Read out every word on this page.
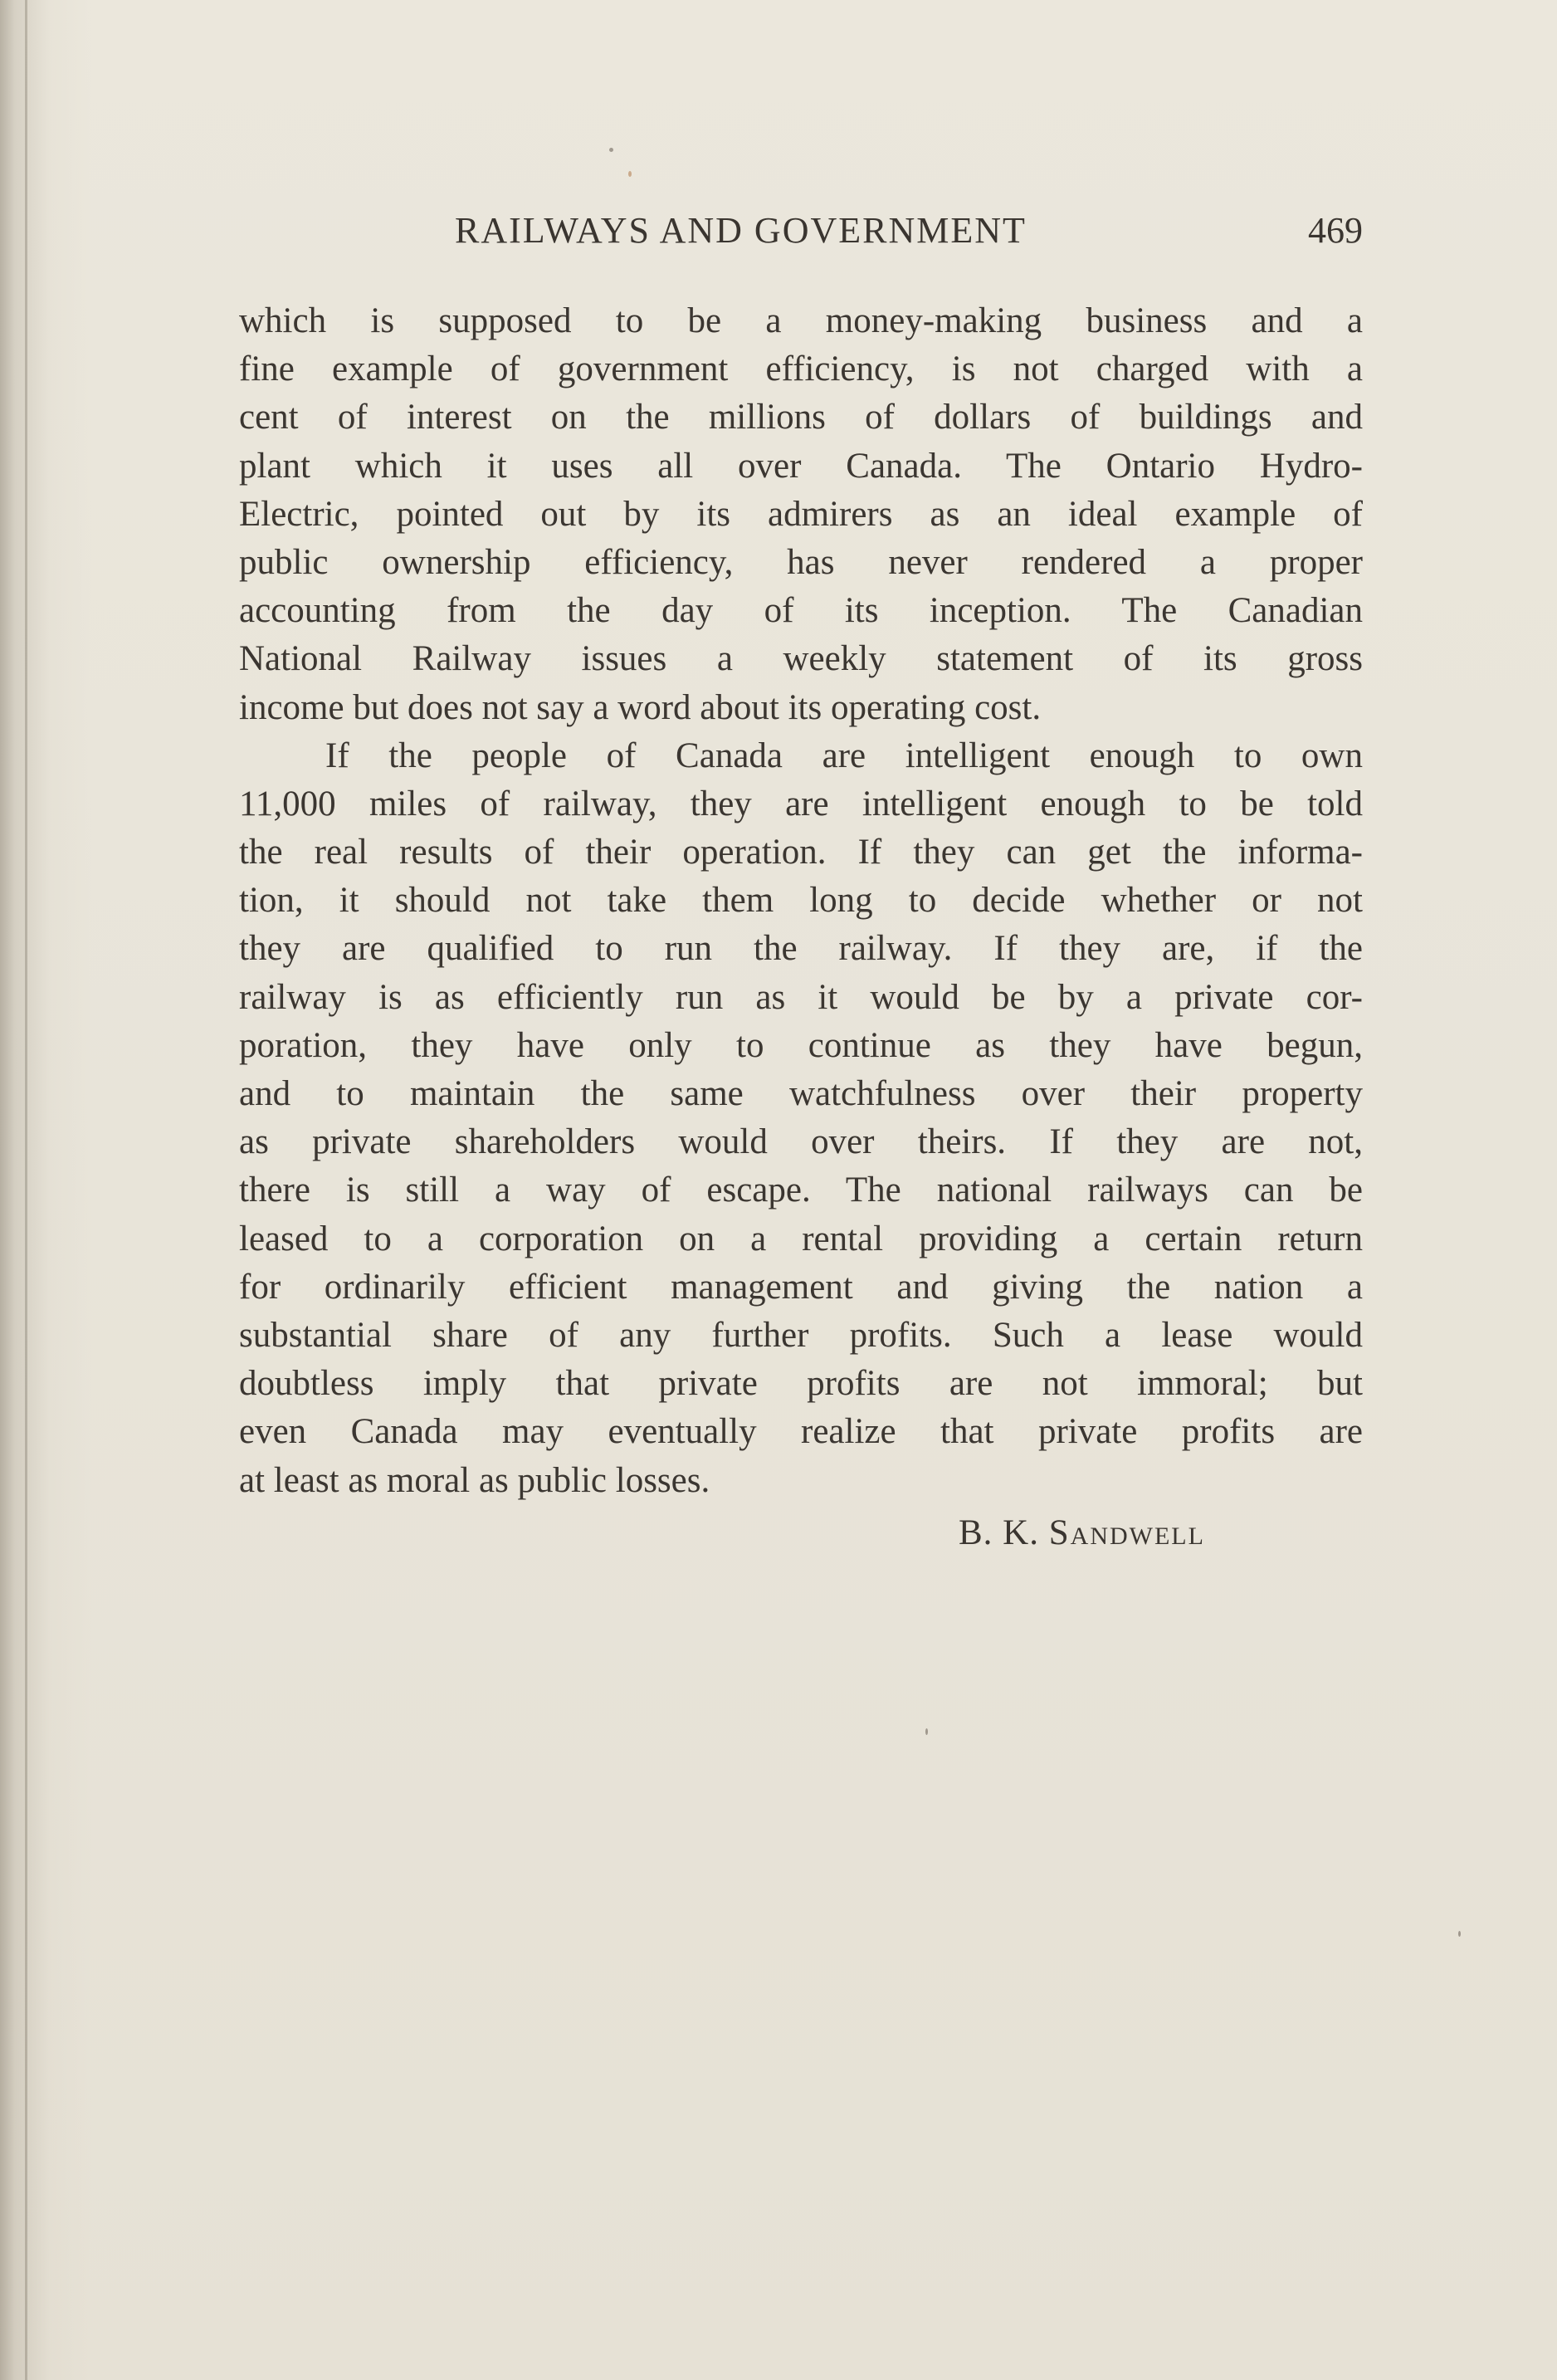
RAILWAYS AND GOVERNMENT	469
which is supposed to be a money-making business and a
fine example of government efficiency, is not charged with a
cent of interest on the millions of dollars of buildings and
plant which it uses all over Canada. The Ontario Hydro-
Electric, pointed out by its admirers as an ideal example of
public ownership efficiency, has never rendered a proper
accounting from the day of its inception. The Canadian
National Railway issues a weekly statement of its gross
income but does not say a word about its operating cost.
If the people of Canada are intelligent enough to own
11,000 miles of railway, they are intelligent enough to be told
the real results of their operation. If they can get the informa-
tion, it should not take them long to decide whether or not
they are qualified to run the railway. If they are, if the
railway is as efficiently run as it would be by a private cor-
poration, they have only to continue as they have begun,
and to maintain the same watchfulness over their property
as private shareholders would over theirs. If they are not,
there is still a way of escape. The national railways can be
leased to a corporation on a rental providing a certain return
for ordinarily efficient management and giving the nation a
substantial share of any further profits. Such a lease would
doubtless imply that private profits are not immoral; but
even Canada may eventually realize that private profits are
at least as moral as public losses.
B. K. Sandwell
